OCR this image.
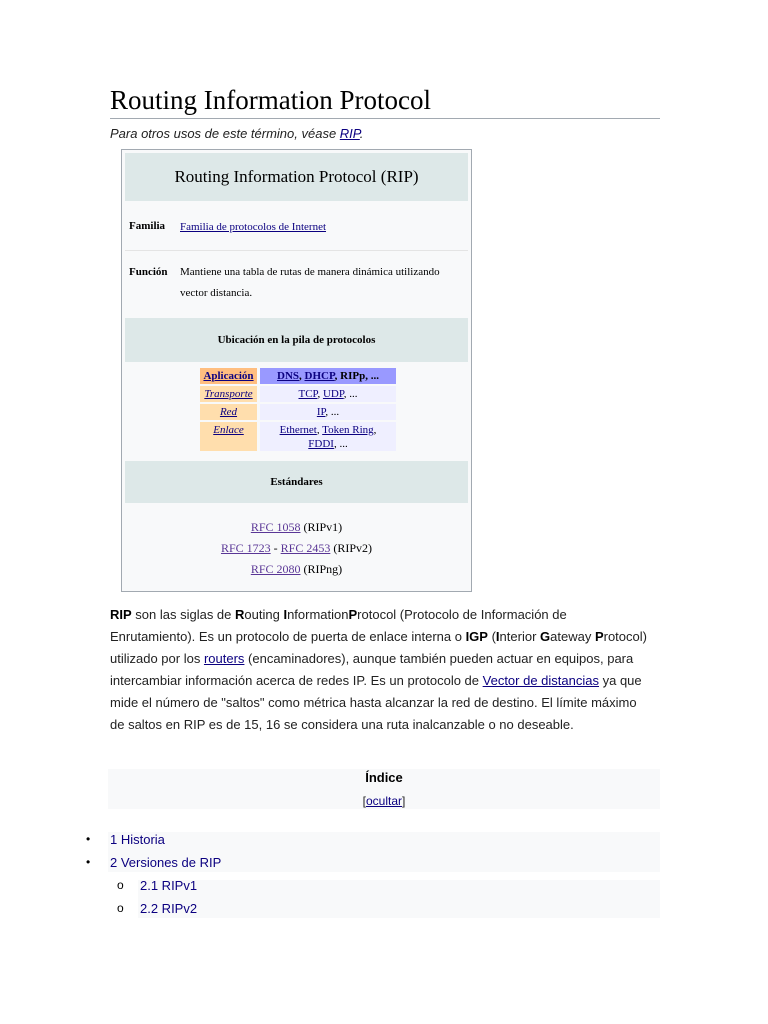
Routing Information Protocol
Para otros usos de este término, véase RIP.
Routing Information Protocol (RIP)
Familia Familia de protocolos de Internet
Función Mantiene una tabla de rutas de manera dinámica utilizando vector distancia.
Ubicación en la pila de protocolos
Aplicación	DNS, DHCP, RIPp, ...
Transporte	TCP, UDP, ...
Red	IP, ...
Enlace	Ethernet, Token Ring,
FDDI, ...
Estándares
RFC 1058 (RIPv1)
RFC 1723 - RFC 2453 (RIPv2)
RFC 2080 (RIPng)
RIP son las siglas de Routing InformationProtocol (Protocolo de Información de Enrutamiento). Es un protocolo de puerta de enlace interna o IGP (Interior Gateway Protocol) utilizado por los routers (encaminadores), aunque también pueden actuar en equipos, para intercambiar información acerca de redes IP. Es un protocolo de Vector de distancias ya que mide el número de "saltos" como métrica hasta alcanzar la red de destino. El límite máximo de saltos en RIP es de 15, 16 se considera una ruta inalcanzable o no deseable.
Índice
[ocultar]
• 1 Historia
• 2 Versiones de RIP
o 2.1 RIPv1
o 2.2 RIPv2
